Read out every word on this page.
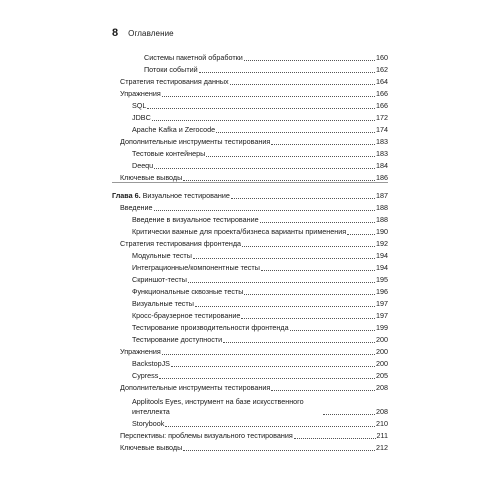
8 Оглавление
Системы пакетной обработки	160
Потоки событий	162
Стратегия тестирования данных	164
Упражнения	166
SQL	166
JDBC	172
Apache Kafka и Zerocode	174
Дополнительные инструменты тестирования	183
Тестовые контейнеры	183
Deequ	184
Ключевые выводы	186
Глава 6. Визуальное тестирование	187
Введение	188
Введение в визуальное тестирование	188
Критически важные для проекта/бизнеса варианты применения	190
Стратегия тестирования фронтенда	192
Модульные тесты	194
Интеграционные/компонентные тесты	194
Скриншот-тесты	195
Функциональные сквозные тесты	196
Визуальные тесты	197
Кросс-браузерное тестирование	197
Тестирование производительности фронтенда	199
Тестирование доступности	200
Упражнения	200
BackstopJS	200
Cypress	205
Дополнительные инструменты тестирования	208
Applitools Eyes, инструмент на базе искусственного интеллекта	208
Storybook	210
Перспективы: проблемы визуального тестирования	211
Ключевые выводы	212
